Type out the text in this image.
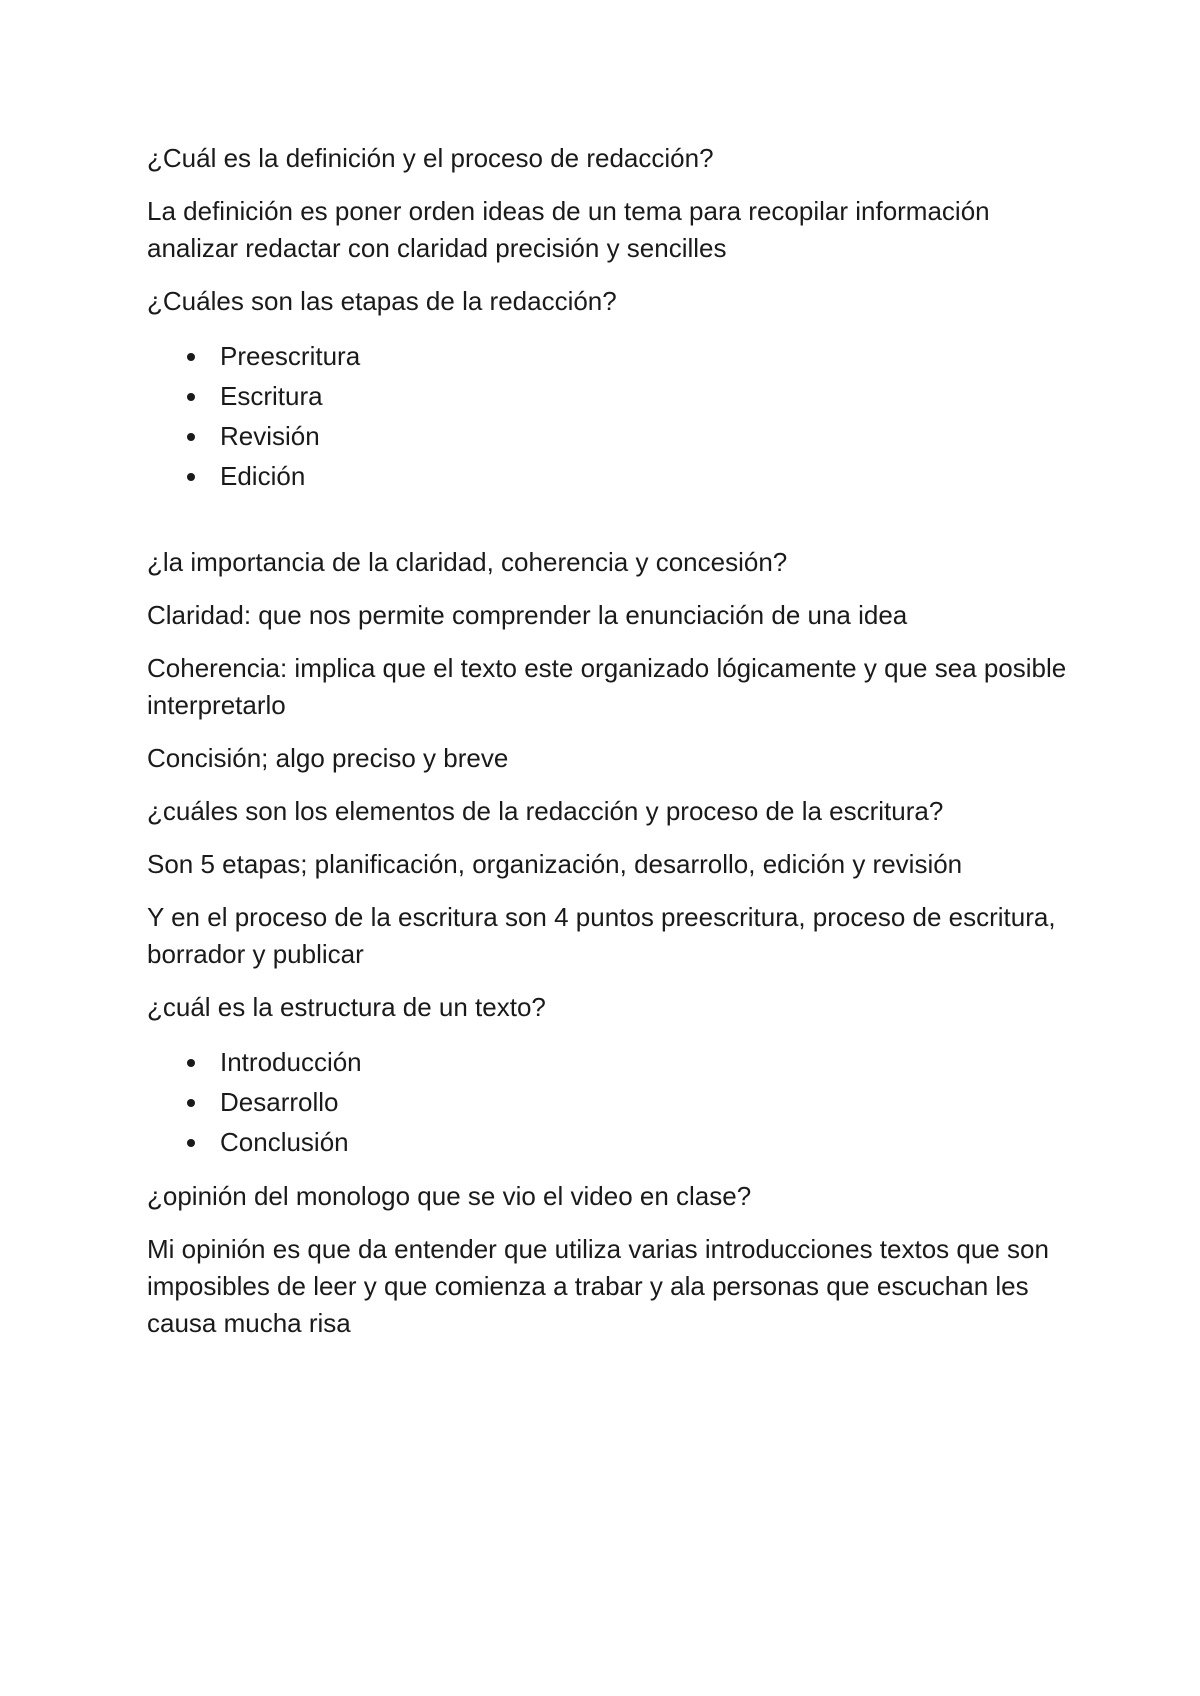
¿Cuál es la definición y el proceso de redacción?

La definición es poner orden ideas de un tema para recopilar información analizar redactar con claridad precisión y sencilles

¿Cuáles son las etapas de la redacción?

Preescritura
Escritura
Revisión
Edición

¿la importancia de la claridad, coherencia y concesión?

Claridad: que nos permite comprender la enunciación de una idea

Coherencia: implica que el texto este organizado lógicamente y que sea posible interpretarlo

Concisión; algo preciso y breve

¿cuáles son los elementos de la redacción y proceso de la escritura?

Son 5 etapas; planificación, organización, desarrollo, edición y revisión

Y en el proceso de la escritura son 4 puntos preescritura, proceso de escritura, borrador y publicar

¿cuál es la estructura de un texto?

Introducción
Desarrollo
Conclusión

¿opinión del monologo que se vio el video en clase?

Mi opinión es que da entender que utiliza varias introducciones textos que son imposibles de leer y que comienza a trabar y ala personas que escuchan les causa mucha risa
